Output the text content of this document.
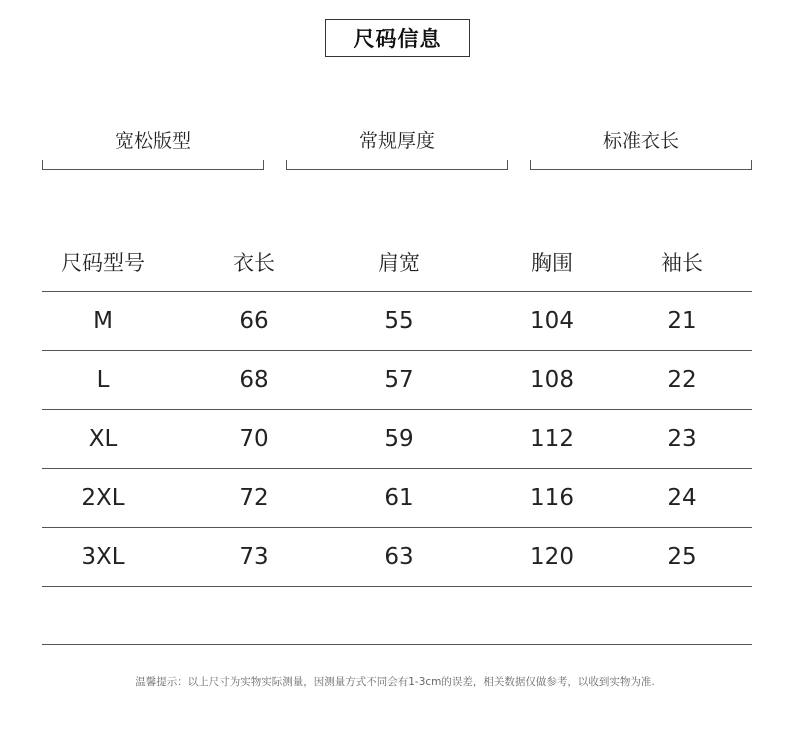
尺码信息
宽松版型	常规厚度	标准衣长
尺码型号	衣长	肩宽	胸围	袖长
M	66	55	104	21
L	68	57	108	22
XL	70	59	112	23
2XL	72	61	116	24
3XL	73	63	120	25
温馨提示：以上尺寸为实物实际测量，因测量方式不同会有1-3cm的误差，相关数据仅做参考，以收到实物为准.
